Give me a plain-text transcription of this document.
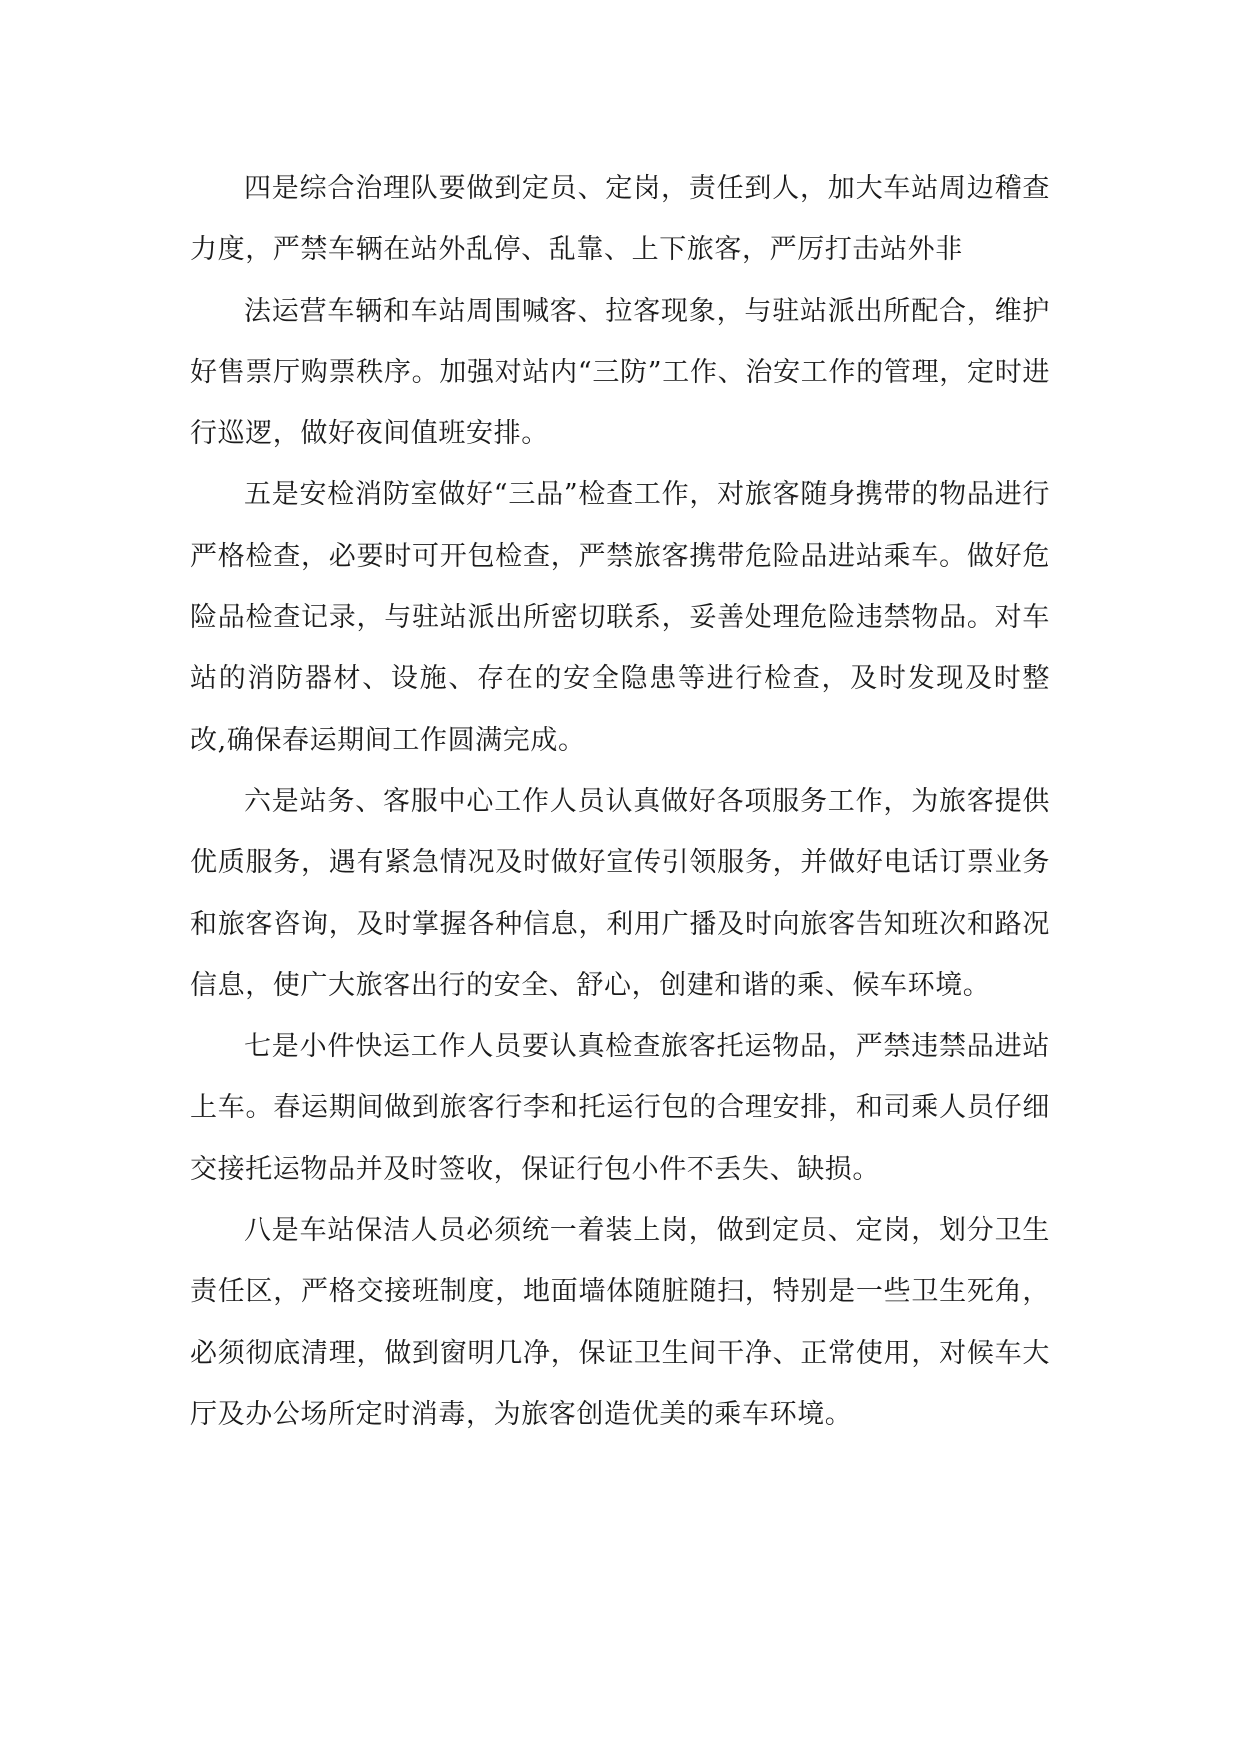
四是综合治理队要做到定员、定岗，责任到人，加大车站周边稽查力度，严禁车辆在站外乱停、乱靠、上下旅客，严厉打击站外非

法运营车辆和车站周围喊客、拉客现象，与驻站派出所配合，维护好售票厅购票秩序。加强对站内“三防”工作、治安工作的管理，定时进行巡逻，做好夜间值班安排。

五是安检消防室做好“三品”检查工作，对旅客随身携带的物品进行严格检查，必要时可开包检查，严禁旅客携带危险品进站乘车。做好危险品检查记录，与驻站派出所密切联系，妥善处理危险违禁物品。对车站的消防器材、设施、存在的安全隐患等进行检查，及时发现及时整改,确保春运期间工作圆满完成。

六是站务、客服中心工作人员认真做好各项服务工作，为旅客提供优质服务，遇有紧急情况及时做好宣传引领服务，并做好电话订票业务和旅客咨询，及时掌握各种信息，利用广播及时向旅客告知班次和路况信息，使广大旅客出行的安全、舒心，创建和谐的乘、候车环境。

七是小件快运工作人员要认真检查旅客托运物品，严禁违禁品进站上车。春运期间做到旅客行李和托运行包的合理安排，和司乘人员仔细交接托运物品并及时签收，保证行包小件不丢失、缺损。

八是车站保洁人员必须统一着装上岗，做到定员、定岗，划分卫生责任区，严格交接班制度，地面墙体随脏随扫，特别是一些卫生死角，必须彻底清理，做到窗明几净，保证卫生间干净、正常使用，对候车大厅及办公场所定时消毒，为旅客创造优美的乘车环境。
